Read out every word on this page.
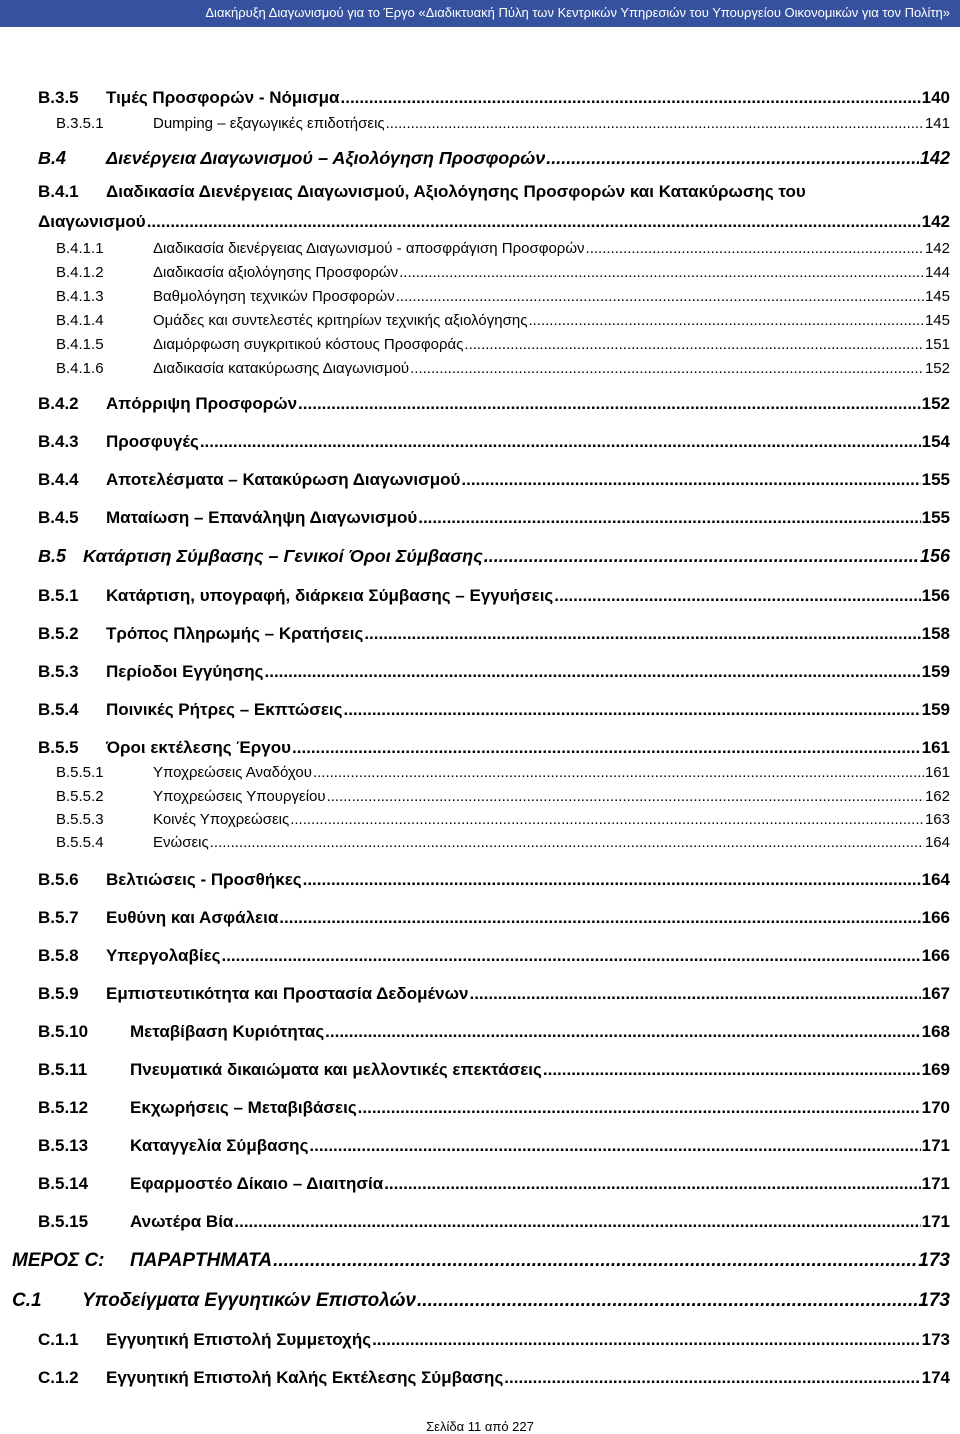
Διακήρυξη Διαγωνισμού για το Έργο «Διαδικτυακή Πύλη των Κεντρικών Υπηρεσιών του Υπουργείου Οικονομικών για τον Πολίτη»
Β.3.5	Τιμές Προσφορών - Νόμισμα .....	140
Β.3.5.1	Dumping – εξαγωγικές επιδοτήσεις .....	141
Β.4	Διενέργεια Διαγωνισμού – Αξιολόγηση Προσφορών .....	142
Β.4.1 Διαδικασία Διενέργειας Διαγωνισμού, Αξιολόγησης Προσφορών και Κατακύρωσης του
Διαγωνισμού .....	142
Β.4.1.1	Διαδικασία διενέργειας Διαγωνισμού - αποσφράγιση Προσφορών .....	142
Β.4.1.2	Διαδικασία αξιολόγησης Προσφορών .....	144
Β.4.1.3	Βαθμολόγηση τεχνικών Προσφορών .....	145
Β.4.1.4	Ομάδες και συντελεστές κριτηρίων τεχνικής αξιολόγησης .....	145
Β.4.1.5	Διαμόρφωση συγκριτικού κόστους Προσφοράς .....	151
Β.4.1.6	Διαδικασία κατακύρωσης Διαγωνισμού .....	152
Β.4.2	Απόρριψη Προσφορών .....	152
Β.4.3	Προσφυγές .....	154
Β.4.4	Αποτελέσματα – Κατακύρωση Διαγωνισμού .....	155
Β.4.5	Ματαίωση – Επανάληψη Διαγωνισμού .....	155
Β.5 Κατάρτιση Σύμβασης – Γενικοί Όροι Σύμβασης .....	156
Β.5.1	Κατάρτιση, υπογραφή, διάρκεια Σύμβασης – Εγγυήσεις .....	156
Β.5.2	Τρόπος Πληρωμής – Κρατήσεις .....	158
Β.5.3	Περίοδοι Εγγύησης .....	159
Β.5.4	Ποινικές Ρήτρες – Εκπτώσεις .....	159
Β.5.5	Όροι εκτέλεσης Έργου .....	161
Β.5.5.1	Υποχρεώσεις Αναδόχου .....	161
Β.5.5.2	Υποχρεώσεις Υπουργείου .....	162
Β.5.5.3	Κοινές Υποχρεώσεις .....	163
Β.5.5.4	Ενώσεις .....	164
Β.5.6	Βελτιώσεις - Προσθήκες .....	164
Β.5.7	Ευθύνη και Ασφάλεια .....	166
Β.5.8	Υπεργολαβίες .....	166
Β.5.9	Εμπιστευτικότητα και Προστασία Δεδομένων .....	167
Β.5.10	Μεταβίβαση Κυριότητας .....	168
Β.5.11	Πνευματικά δικαιώματα και μελλοντικές επεκτάσεις .....	169
Β.5.12	Εκχωρήσεις – Μεταβιβάσεις .....	170
Β.5.13	Καταγγελία Σύμβασης .....	171
Β.5.14	Εφαρμοστέο Δίκαιο – Διαιτησία .....	171
Β.5.15	Ανωτέρα Βία .....	171
ΜΕΡΟΣ C:	ΠΑΡΑΡΤΗΜΑΤΑ .....	173
C.1	Υποδείγματα Εγγυητικών Επιστολών .....	173
C.1.1	Εγγυητική Επιστολή Συμμετοχής .....	173
C.1.2	Εγγυητική Επιστολή Καλής Εκτέλεσης Σύμβασης .....	174
Σελίδα 11 από 227
